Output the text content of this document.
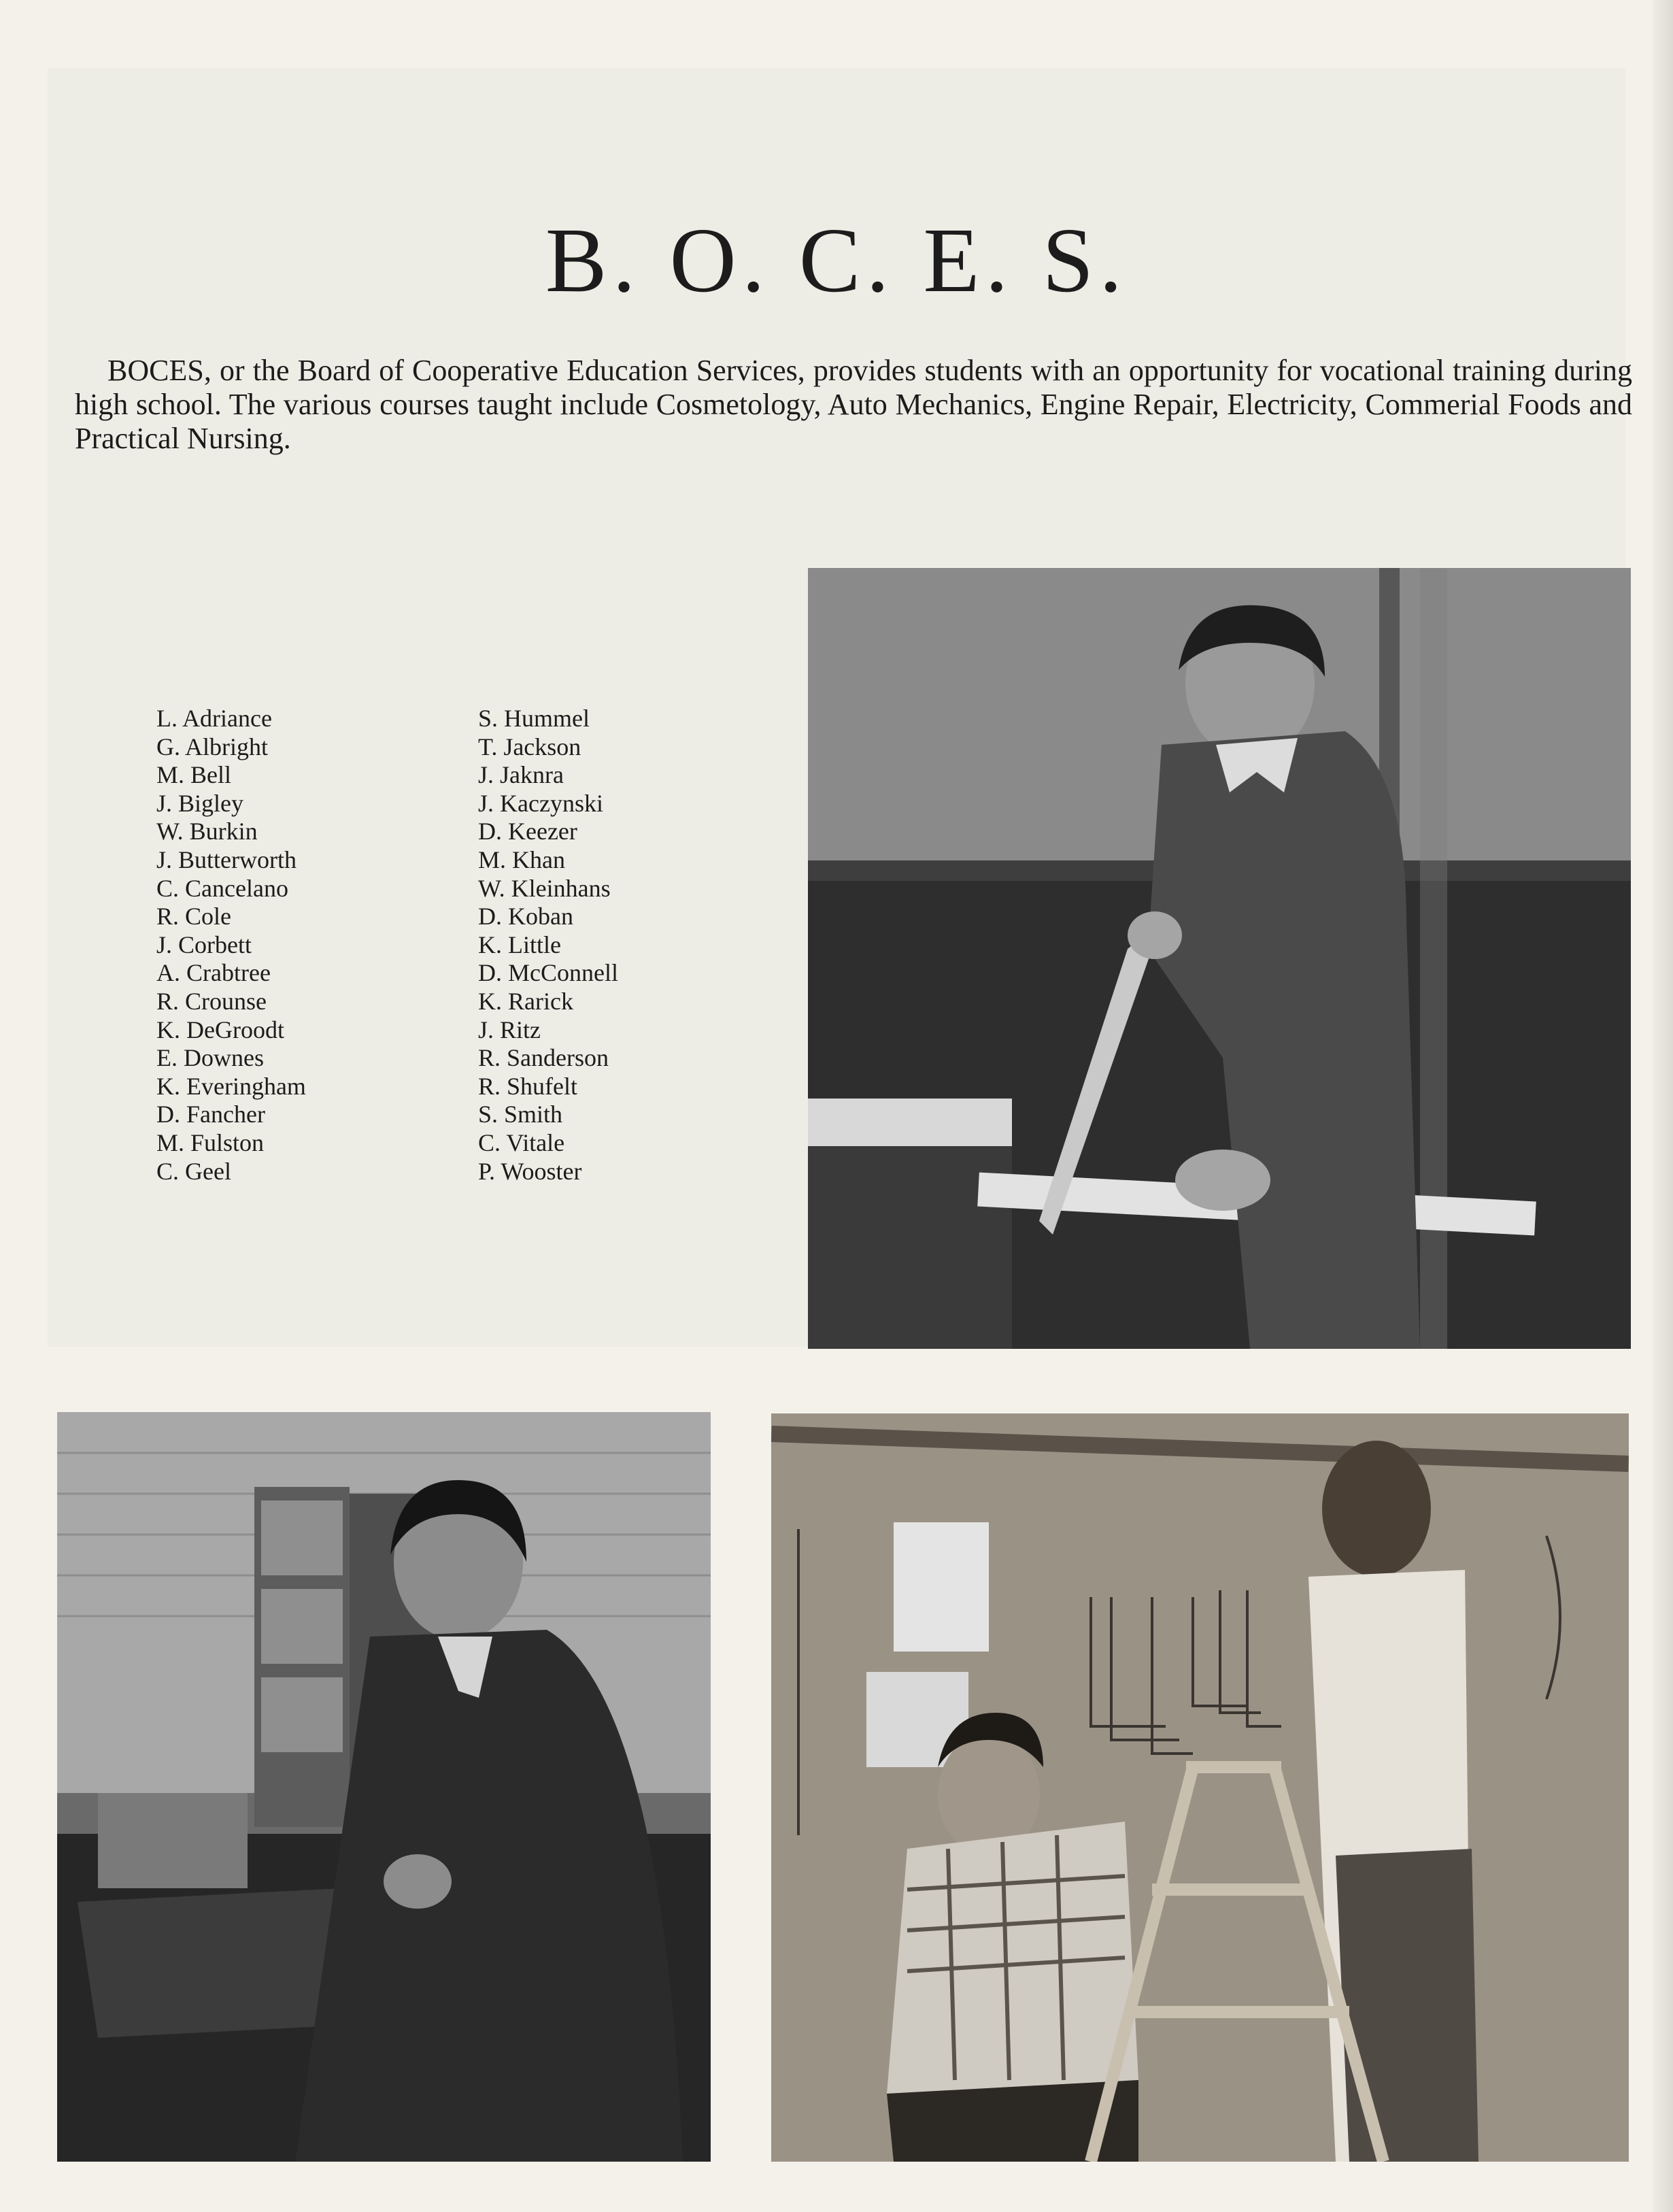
B. O. C. E. S.

BOCES, or the Board of Cooperative Education Services, provides students with an opportunity for vocational training during high school. The various courses taught include Cosmetology, Auto Mechanics, Engine Repair, Electricity, Commerial Foods and Practical Nursing.

L. Adriance
G. Albright
M. Bell
J. Bigley
W. Burkin
J. Butterworth
C. Cancelano
R. Cole
J. Corbett
A. Crabtree
R. Crounse
K. DeGroodt
E. Downes
K. Everingham
D. Fancher
M. Fulston
C. Geel
S. Hummel
T. Jackson
J. Jaknra
J. Kaczynski
D. Keezer
M. Khan
W. Kleinhans
D. Koban
K. Little
D. McConnell
K. Rarick
J. Ritz
R. Sanderson
R. Shufelt
S. Smith
C. Vitale
P. Wooster
